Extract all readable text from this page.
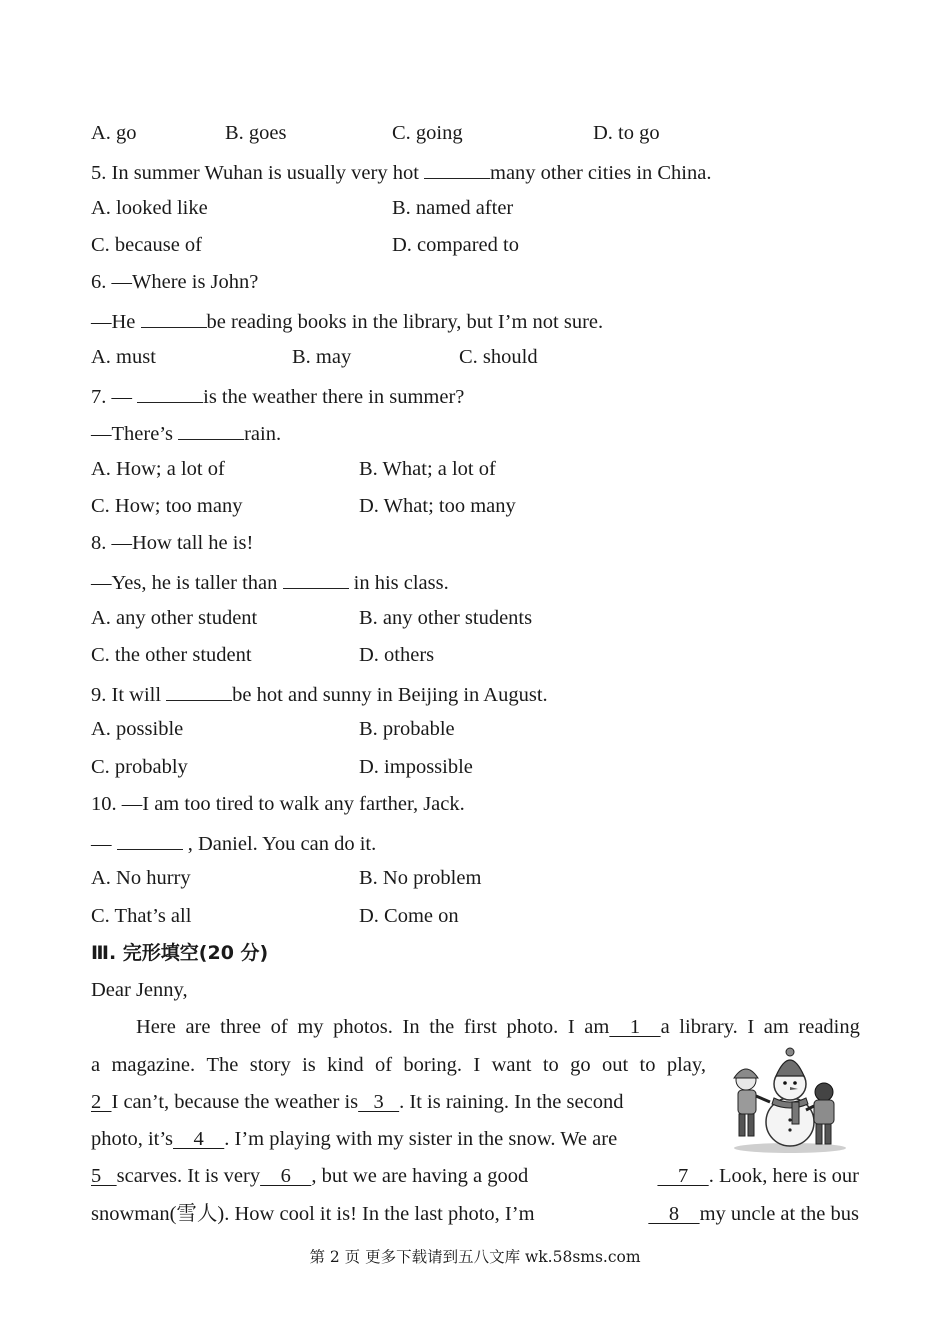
A. go	B. goes	C. going	D. to go
5. In summer Wuhan is usually very hot	many other cities in China.
A. looked like	B. named after
C. because of	D. compared to
6. —Where is John?
—He	be reading books in the library, but I’m not sure.
A. must	B. may	C. should
7. —	is the weather there in summer?
—There’s	rain.
A. How; a lot of	B. What; a lot of
C. How; too many	D. What; too many
8. —How tall he is!
—Yes, he is taller than	in his class.
A. any other student	B. any other students
C. the other student	D. others
9. It will	be hot and sunny in Beijing in August.
A. possible	B. probable
C. probably	D. impossible
10. —I am too tired to walk any farther, Jack.
—	, Daniel. You can do it.
A. No hurry	B. No problem
C. That’s all	D. Come on
Ⅲ. 完形填空(20 分)
Dear Jenny,
Here are three of my photos. In the first photo. I am    1    a library. I am reading
a magazine. The story is kind of boring. I want to go out to play,
2  I can’t, because the weather is   3   . It is raining. In the second
photo, it’s    4    . I’m playing with my sister in the snow. We are
5   scarves. It is very    6    , but we are having a good	7    . Look, here is our
snowman(雪人). How cool it is! In the last photo, I’m	8    my uncle at the bus
第 2 页 更多下载请到五八文库 wk.58sms.com
